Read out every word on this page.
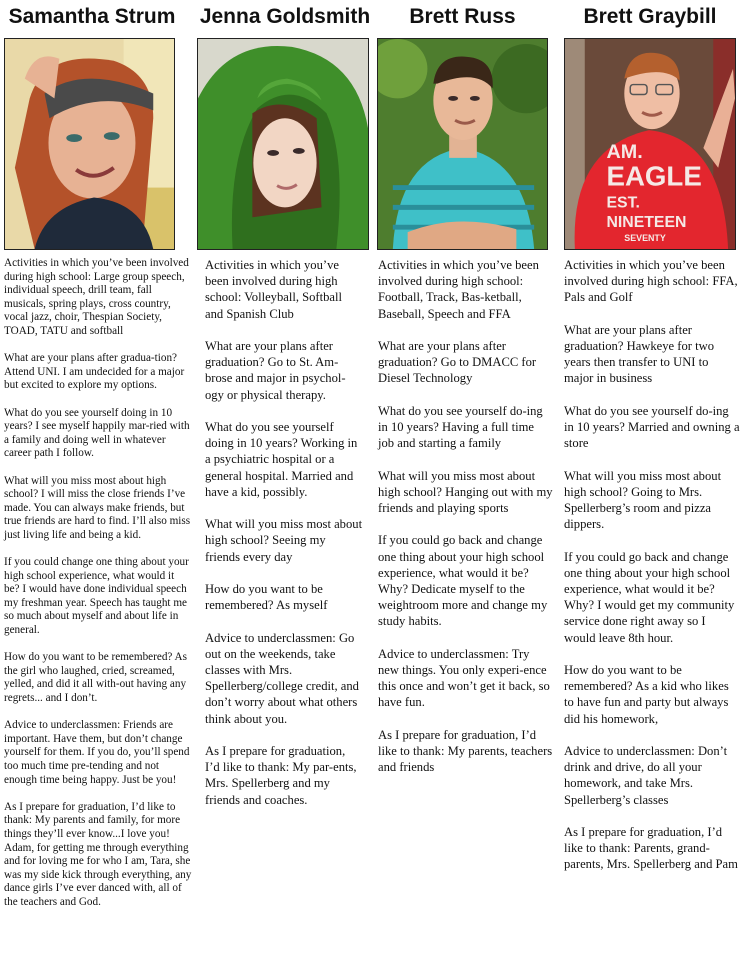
Samantha Strum

Activities in which you’ve been involved during high school: Large group speech, individual speech, drill team, fall musicals, spring plays, cross country, vocal jazz, choir, Thespian Society, TOAD, TATU and softball

What are your plans after gradua-tion? Attend UNI. I am undecided for a major but excited to explore my options.

What do you see yourself doing in 10 years? I see myself happily mar-ried with a family and doing well in whatever career path I follow.

What will you miss most about high school? I will miss the close friends I’ve made. You can always make friends, but true friends are hard to find. I’ll also miss just living life and being a kid.

If you could change one thing about your high school experience, what would it be? I would have done individual speech my freshman year. Speech has taught me so much about myself and about life in general.

How do you want to be remembered? As the girl who laughed, cried, screamed, yelled, and did it all with-out having any regrets... and I don’t.

Advice to underclassmen: Friends are important. Have them, but don’t change yourself for them. If you do, you’ll spend too much time pre-tending and not enough time being happy. Just be you!

As I prepare for graduation, I’d like to thank: My parents and family, for more things they’ll ever know...I love you! Adam, for getting me through everything and for loving me for who I am, Tara, she was my side kick through everything, any dance girls I’ve ever danced with, all of the teachers and God.

Jenna Goldsmith

Activities in which you’ve been involved during high school: Volleyball, Softball and Spanish Club

What are your plans after graduation? Go to St. Am-brose and major in psychol-ogy or physical therapy.

What do you see yourself doing in 10 years? Working in a psychiatric hospital or a general hospital. Married and have a kid, possibly.

What will you miss most about high school? Seeing my friends every day

How do you want to be remembered? As myself

Advice to underclassmen: Go out on the weekends, take classes with Mrs. Spellerberg/college credit, and don’t worry about what others think about you.

As I prepare for graduation, I’d like to thank: My par-ents, Mrs. Spellerberg and my friends and coaches.

Brett Russ

Activities in which you’ve been involved during high school: Football, Track, Bas-ketball, Baseball, Speech and FFA

What are your plans after graduation? Go to DMACC for Diesel Technology

What do you see yourself do-ing in 10 years? Having a full time job and starting a family

What will you miss most about high school? Hanging out with my friends and playing sports

If you could go back and change one thing about your high school experience, what would it be? Why? Dedicate myself to the weightroom more and change my study habits.

Advice to underclassmen: Try new things. You only experi-ence this once and won’t get it back, so have fun.

As I prepare for graduation, I’d like to thank: My parents, teachers and friends

Brett Graybill
AM.
EAGLE
EST.
NINETEEN
SEVENTY

Activities in which you’ve been involved during high school: FFA, Pals and Golf

What are your plans after graduation? Hawkeye for two years then transfer to UNI to major in business

What do you see yourself do-ing in 10 years? Married and owning a store

What will you miss most about high school? Going to Mrs. Spellerberg’s room and pizza dippers.

If you could go back and change one thing about your high school experience, what would it be? Why? I would get my community service done right away so I would leave 8th hour.

How do you want to be remembered? As a kid who likes to have fun and party but always did his homework,

Advice to underclassmen: Don’t drink and drive, do all your homework, and take Mrs. Spellerberg’s classes

As I prepare for graduation, I’d like to thank: Parents, grand-parents, Mrs. Spellerberg and Pam
